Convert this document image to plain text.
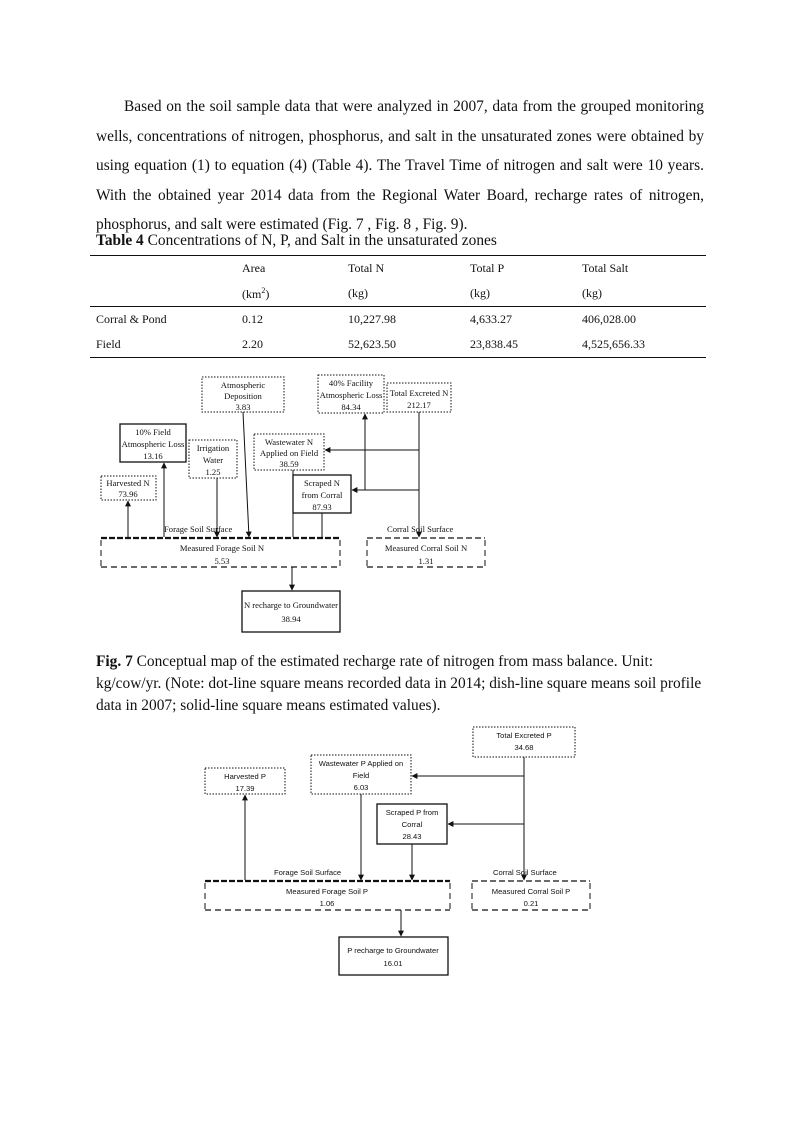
Based on the soil sample data that were analyzed in 2007, data from the grouped monitoring wells, concentrations of nitrogen, phosphorus, and salt in the unsaturated zones were obtained by using equation (1) to equation (4) (Table 4). The Travel Time of nitrogen and salt were 10 years. With the obtained year 2014 data from the Regional Water Board, recharge rates of nitrogen, phosphorus, and salt were estimated (Fig. 7 , Fig. 8 , Fig. 9).

Table 4 Concentrations of N, P, and Salt in the unsaturated zones
	Area	Total N	Total P	Total Salt
	$(km^2)$	(kg)	(kg)	(kg)
Corral & Pond	0.12	10,227.98	4,633.27	406,028.00
Field	2.20	52,623.50	23,838.45	4,525,656.33
Atmospheric
Deposition
3.83
40% Facility
Atmospheric Loss
84.34
Total Excreted N
212.17
Irrigation
Water
1.25
Wastewater N
Applied on Field
38.59
Harvested N
73.96
10% Field
Atmospheric Loss
13.16
Scraped N
from Corral
87.93
N recharge to Groundwater
38.94
Forage Soil Surface	Corral Soil Surface
Measured Forage Soil N
5.53
Measured Corral Soil N
1.31
Total Excreted P
34.68
Wastewater P Applied on
Field
6.03
Harvested P
17.39
Scraped P from
Corral
28.43
P recharge to Groundwater
16.01
Forage Soil Surface	Corral Soil Surface
Measured Forage Soil P
1.06
Measured Corral Soil P
0.21

Fig. 7 Conceptual map of the estimated recharge rate of nitrogen from mass balance. Unit: kg/cow/yr. (Note: dot-line square means recorded data in 2014; dish-line square means soil profile data in 2007; solid-line square means estimated values).
